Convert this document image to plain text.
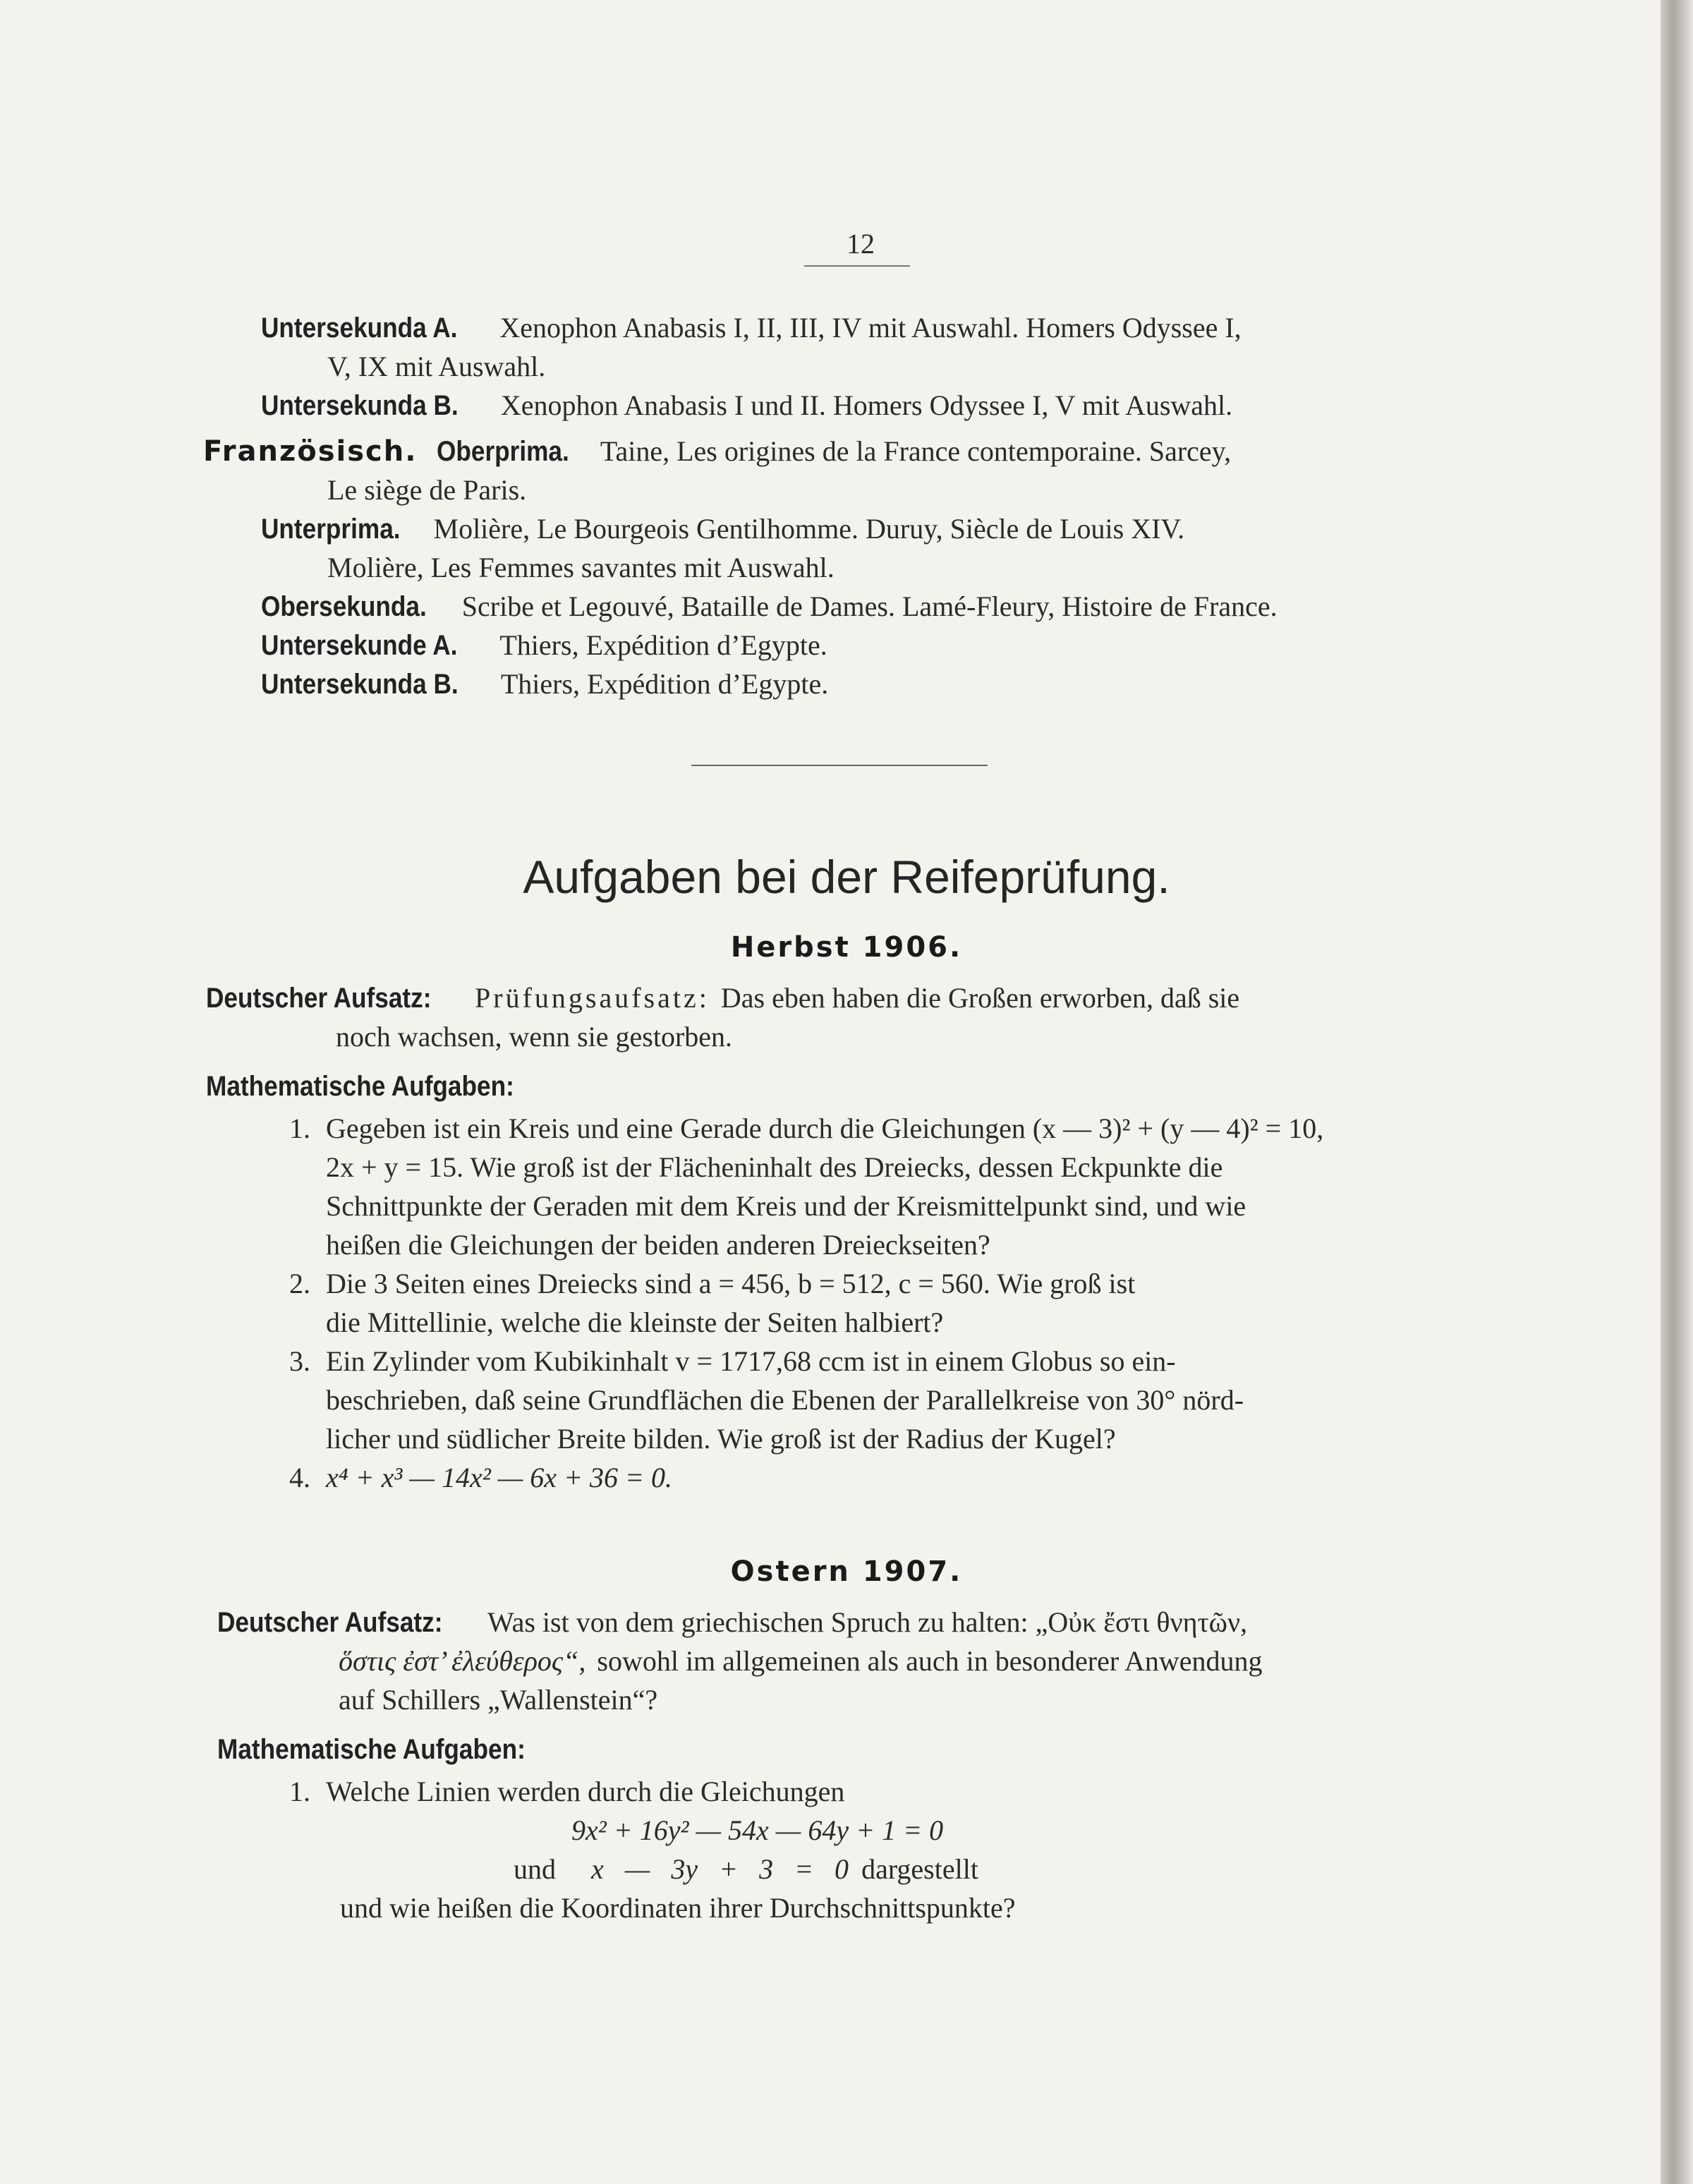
12
Untersekunda A. Xenophon Anabasis I, II, III, IV mit Auswahl. Homers Odyssee I,
V, IX mit Auswahl.
Untersekunda B. Xenophon Anabasis I und II. Homers Odyssee I, V mit Auswahl.
Französisch. Oberprima. Taine, Les origines de la France contemporaine. Sarcey,
Le siège de Paris.
Unterprima. Molière, Le Bourgeois Gentilhomme. Duruy, Siècle de Louis XIV.
Molière, Les Femmes savantes mit Auswahl.
Obersekunda. Scribe et Legouvé, Bataille de Dames. Lamé-Fleury, Histoire de France.
Untersekunde A. Thiers, Expédition d’Egypte.
Untersekunda B. Thiers, Expédition d’Egypte.
Aufgaben bei der Reifeprüfung.
Herbst 1906.
Deutscher Aufsatz: Prüfungsaufsatz: Das eben haben die Großen erworben, daß sie
noch wachsen, wenn sie gestorben.
Mathematische Aufgaben:
1. Gegeben ist ein Kreis und eine Gerade durch die Gleichungen (x — 3)² + (y — 4)² = 10,
2x + y = 15. Wie groß ist der Flächeninhalt des Dreiecks, dessen Eckpunkte die
Schnittpunkte der Geraden mit dem Kreis und der Kreismittelpunkt sind, und wie
heißen die Gleichungen der beiden anderen Dreieckseiten?
2. Die 3 Seiten eines Dreiecks sind a = 456, b = 512, c = 560. Wie groß ist
die Mittellinie, welche die kleinste der Seiten halbiert?
3. Ein Zylinder vom Kubikinhalt v = 1717,68 ccm ist in einem Globus so ein-
beschrieben, daß seine Grundflächen die Ebenen der Parallelkreise von 30° nörd-
licher und südlicher Breite bilden. Wie groß ist der Radius der Kugel?
4. x⁴ + x³ — 14x² — 6x + 36 = 0.
Ostern 1907.
Deutscher Aufsatz: Was ist von dem griechischen Spruch zu halten: „Οὐκ ἔστι θνητῶν,
ὅστις ἐστ’ ἐλεύθερος“, sowohl im allgemeinen als auch in besonderer Anwendung
auf Schillers „Wallenstein“?
Mathematische Aufgaben:
1. Welche Linien werden durch die Gleichungen
9x² + 16y² — 54x — 64y + 1 = 0
und x — 3y + 3 = 0 dargestellt
und wie heißen die Koordinaten ihrer Durchschnittspunkte?
